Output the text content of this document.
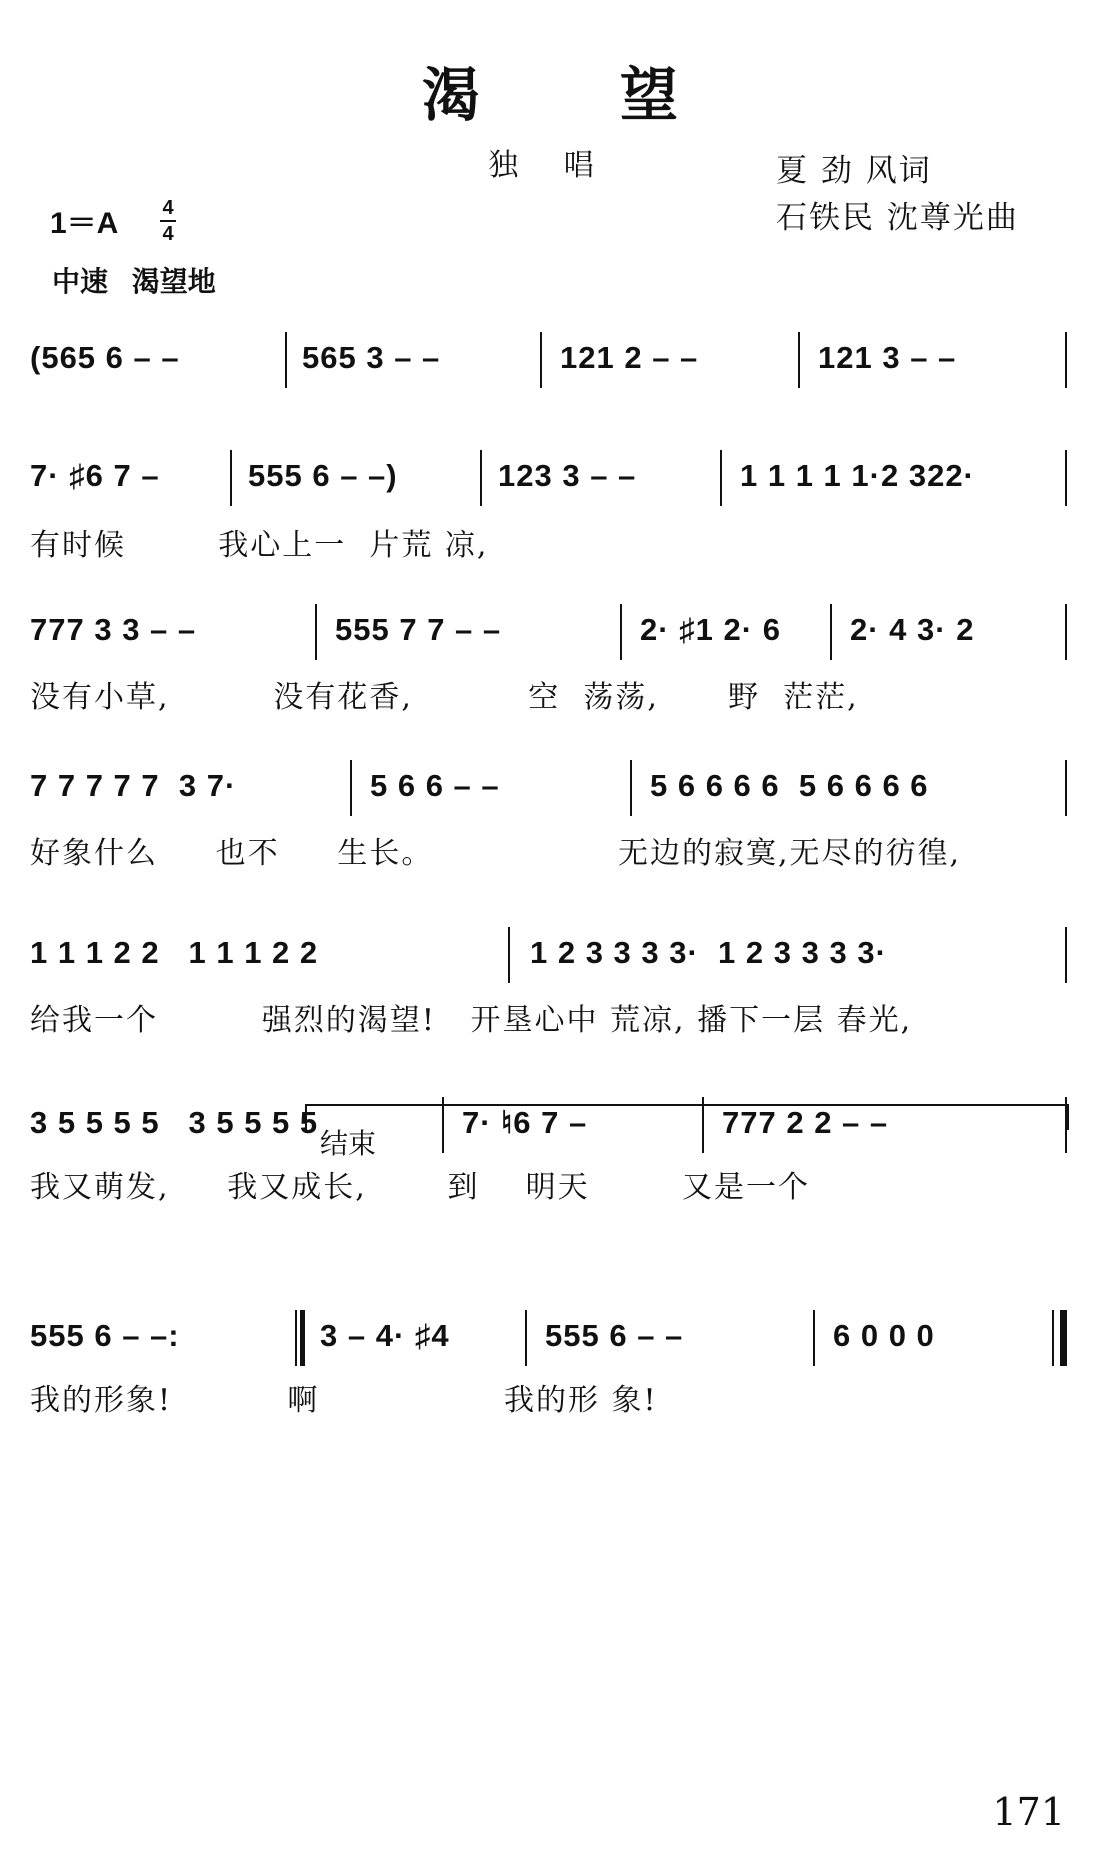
渴 望
独 唱	夏 劲 风词
石铁民 沈尊光曲
1＝A 4
4
中速 渴望地
(565 6 – –	565 3 – –	121 2 – –	121 3 – –
7· ♯6 7 –	555 6 – –)	123 3 – –	1 1 1 1 1·2 322·
有时候        我心上一  片荒 凉,
777 3 3 – –	555 7 7 – –	2· ♯1 2· 6 2· 4 3· 2
没有小草,         没有花香,          空  荡荡,      野  茫茫,
7 7 7 7 7  3 7·	5 6 6 – –	5 6 6 6 6  5 6 6 6 6
好象什么     也不     生长。                无边的寂寞,无尽的彷徨,
1 1 1 2 2   1 1 1 2 2	1 2 3 3 3 3·  1 2 3 3 3 3·
给我一个         强烈的渴望!   开垦心中 荒凉, 播下一层 春光,
3 5 5 5 5   3 5 5 5 5	7· ♮6 7 –	777 2 2 – –
我又萌发,     我又成长,       到    明天        又是一个
结束
555 6 – –:	3 – 4· ♯4	555 6 – –	6 0 0 0
我的形象!          啊                我的形 象!
171
